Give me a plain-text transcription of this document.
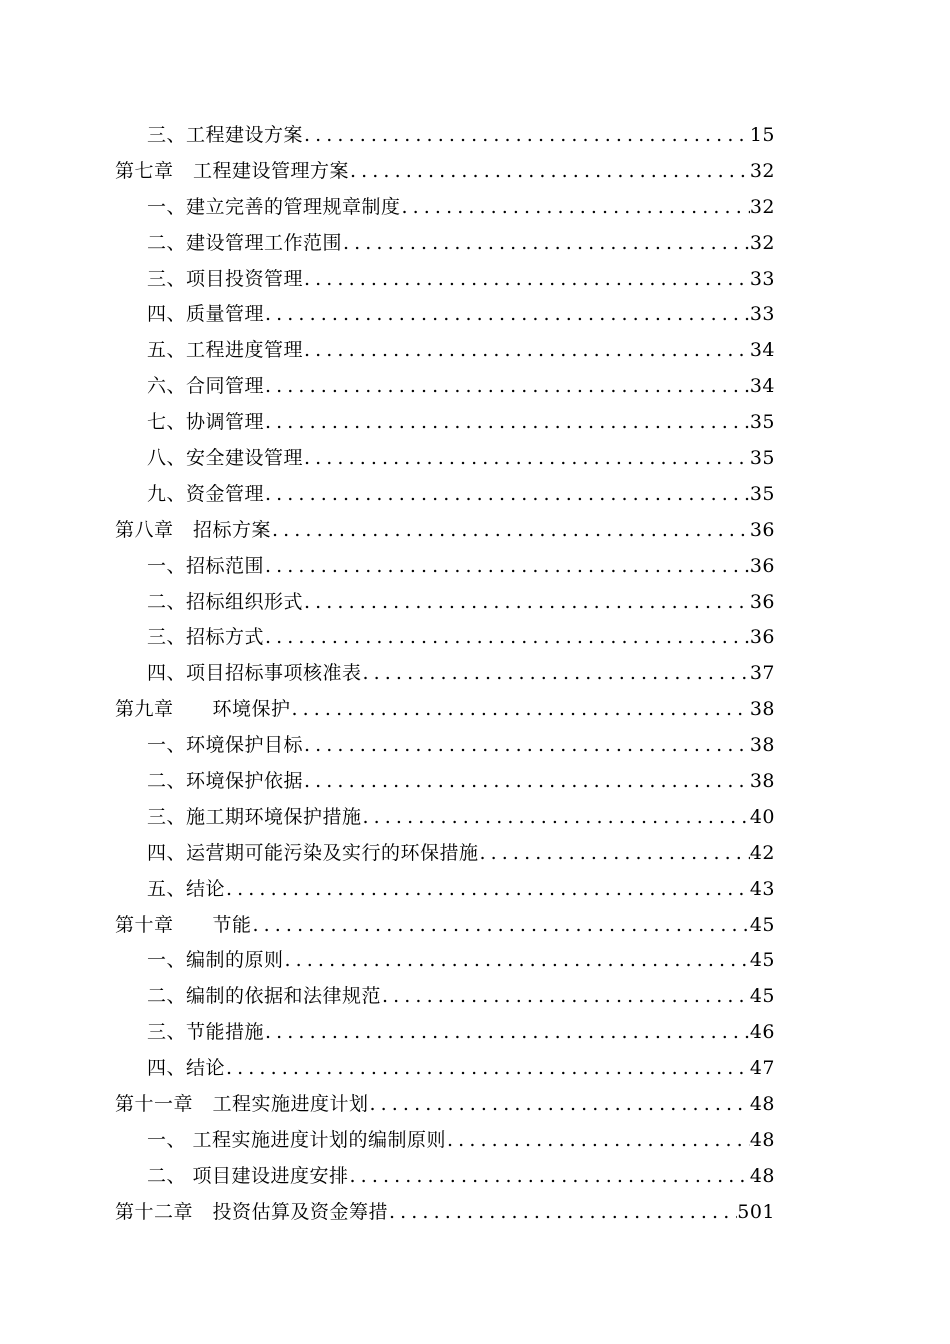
三、工程建设方案 .....	15
第七章　工程建设管理方案 .....	32
一、建立完善的管理规章制度 .....	32
二、建设管理工作范围 .....	32
三、项目投资管理 .....	33
四、质量管理 .....	33
五、工程进度管理 .....	34
六、合同管理 .....	34
七、协调管理 .....	35
八、安全建设管理 .....	35
九、资金管理 .....	35
第八章　招标方案 .....	36
一、招标范围 .....	36
二、招标组织形式 .....	36
三、招标方式 .....	36
四、项目招标事项核准表 .....	37
第九章　　环境保护 .....	38
一、环境保护目标 .....	38
二、环境保护依据 .....	38
三、施工期环境保护措施 .....	40
四、运营期可能污染及实行的环保措施 .....	42
五、结论 .....	43
第十章　　节能 .....	45
一、编制的原则 .....	45
二、编制的依据和法律规范 .....	45
三、节能措施 .....	46
四、结论 .....	47
第十一章　工程实施进度计划 .....	48
一、 工程实施进度计划的编制原则 .....	48
二、 项目建设进度安排 .....	48
第十二章　投资估算及资金筹措 .....	501
